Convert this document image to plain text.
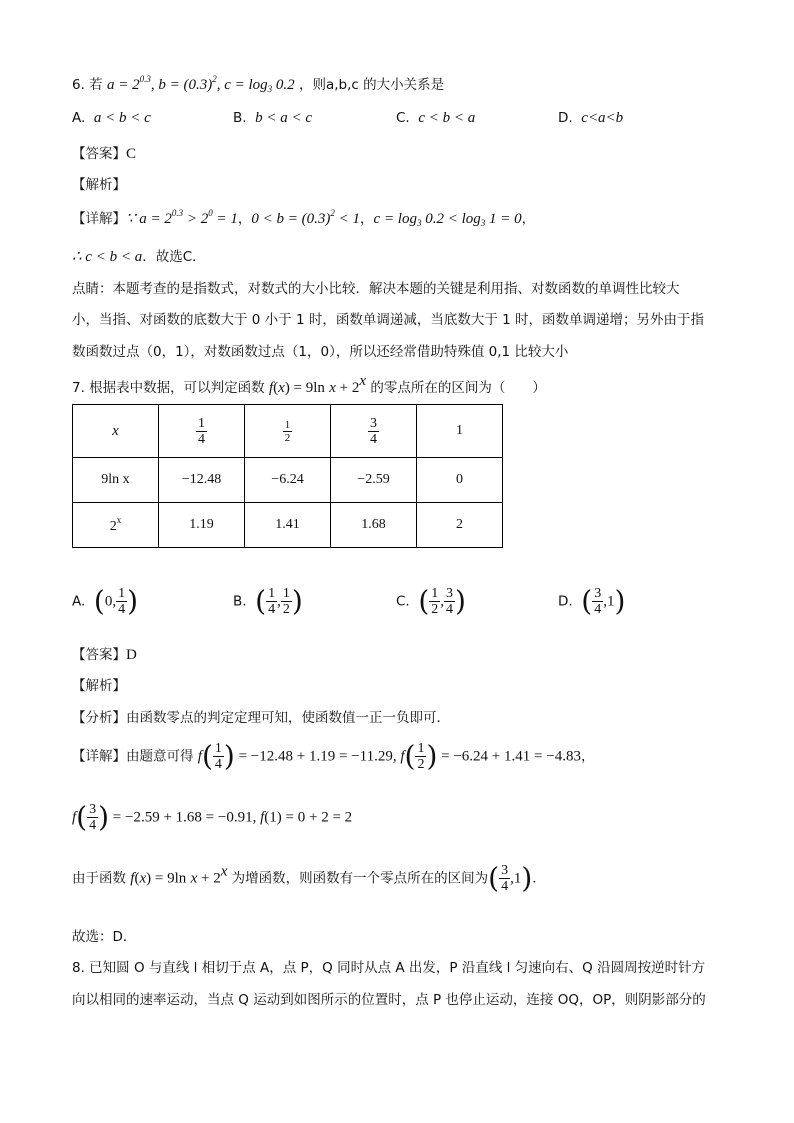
6. 若 $a = 2^{0.3}$, $b = (0.3)^2$, $c = \log_3 0.2$ ，则a,b,c 的大小关系是
A. a < b < c	B. b < a < c	C. c < b < a	D. c<a<b
【答案】C
【解析】
【详解】∵ $a = 2^{0.3} > 2^0 = 1$，$0 < b = (0.3)^2 < 1$，$c = \log_3 0.2 < \log_3 1 = 0$，
∴ c < b < a．故选C．
点睛：本题考查的是指数式，对数式的大小比较．解决本题的关键是利用指、对数函数的单调性比较大
小，当指、对函数的底数大于 0 小于 1 时，函数单调递减，当底数大于 1 时，函数单调递增；另外由于指
数函数过点（0，1），对数函数过点（1，0），所以还经常借助特殊值 0,1 比较大小
7. 根据表中数据，可以判定函数 f(x) = 9ln $x + 2^x$ 的零点所在的区间为（　　）
x	$\frac{1}{4}$	$\frac{1}{2}$	$\frac{3}{4}$	1
9ln x	−12.48	−6.24	−2.59	0
2$^x$	1.19	1.41	1.68	2
A. (0, $\frac{1}{4}$ )	B. ( $\frac{1}{4}$ , $\frac{1}{2}$ )	C. ( $\frac{1}{2}$ , $\frac{3}{4}$ )	D. ( $\frac{3}{4} ,1$)
【答案】D
【解析】
【分析】由函数零点的判定定理可知，使函数值一正一负即可．
【详解】由题意可得 $f( \frac{1}{4}$ ) = −12.48 + 1.19 = −11.29, $f( \frac{1}{2}$ ) = −6.24 + 1.41 = −4.83，
$f( \frac{3}{4}$ ) = −2.59 + 1.68 = −0.91, f(1) = 0 + 2 = 2
由于函数 f(x) = 9ln $x + 2^x$ 为增函数，则函数有一个零点所在的区间为( $\frac{3}{4} ,1$)．
故选：D．
8. 已知圆 O 与直线 l 相切于点 A，点 P，Q 同时从点 A 出发，P 沿直线 l 匀速向右、Q 沿圆周按逆时针方
向以相同的速率运动，当点 Q 运动到如图所示的位置时，点 P 也停止运动，连接 OQ，OP，则阴影部分的
